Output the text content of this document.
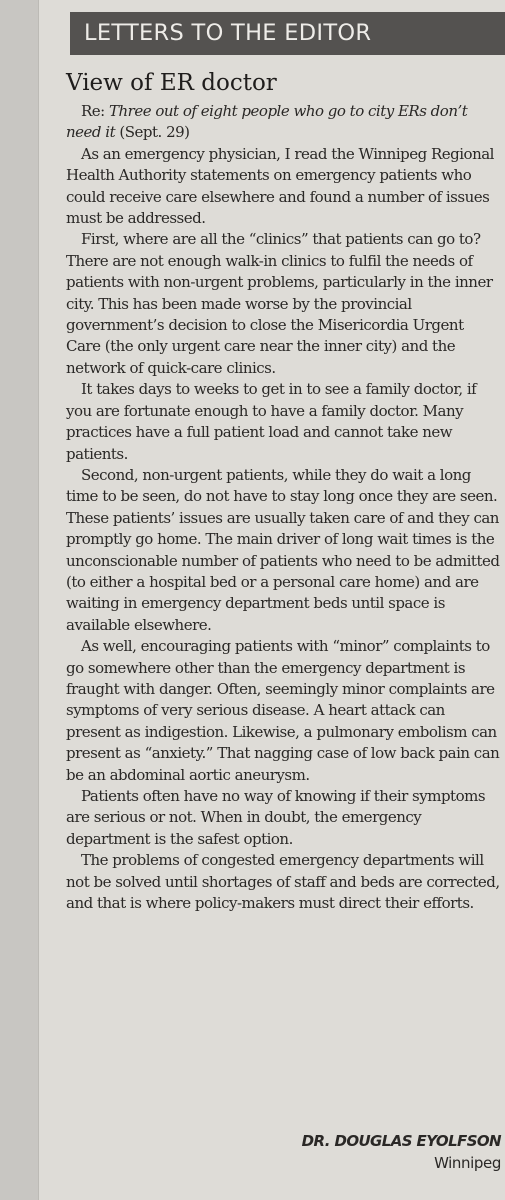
LETTERS TO THE EDITOR
View of ER doctor

Re: Three out of eight people who go to city ERs don’t need it (Sept. 29)

As an emergency physician, I read the Winnipeg Regional Health Authority statements on emergency patients who could receive care elsewhere and found a number of issues must be addressed.

First, where are all the “clinics” that patients can go to? There are not enough walk-in clinics to fulfil the needs of patients with non-urgent problems, particularly in the inner city. This has been made worse by the provincial government’s decision to close the Misericordia Urgent Care (the only urgent care near the inner city) and the network of quick-care clinics.

It takes days to weeks to get in to see a family doctor, if you are fortunate enough to have a family doctor. Many practices have a full patient load and cannot take new patients.

Second, non-urgent patients, while they do wait a long time to be seen, do not have to stay long once they are seen. These patients’ issues are usually taken care of and they can promptly go home. The main driver of long wait times is the unconscionable number of patients who need to be admitted (to either a hospital bed or a personal care home) and are waiting in emergency department beds until space is available elsewhere.

As well, encouraging patients with “minor” complaints to go somewhere other than the emergency department is fraught with danger. Often, seemingly minor complaints are symptoms of very serious disease. A heart attack can present as indigestion. Likewise, a pulmonary embolism can present as “anxiety.” That nagging case of low back pain can be an abdominal aortic aneurysm.

Patients often have no way of knowing if their symptoms are serious or not. When in doubt, the emergency department is the safest option.

The problems of congested emergency departments will not be solved until shortages of staff and beds are corrected, and that is where policy-makers must direct their efforts.

DR. DOUGLAS EYOLFSON
Winnipeg
